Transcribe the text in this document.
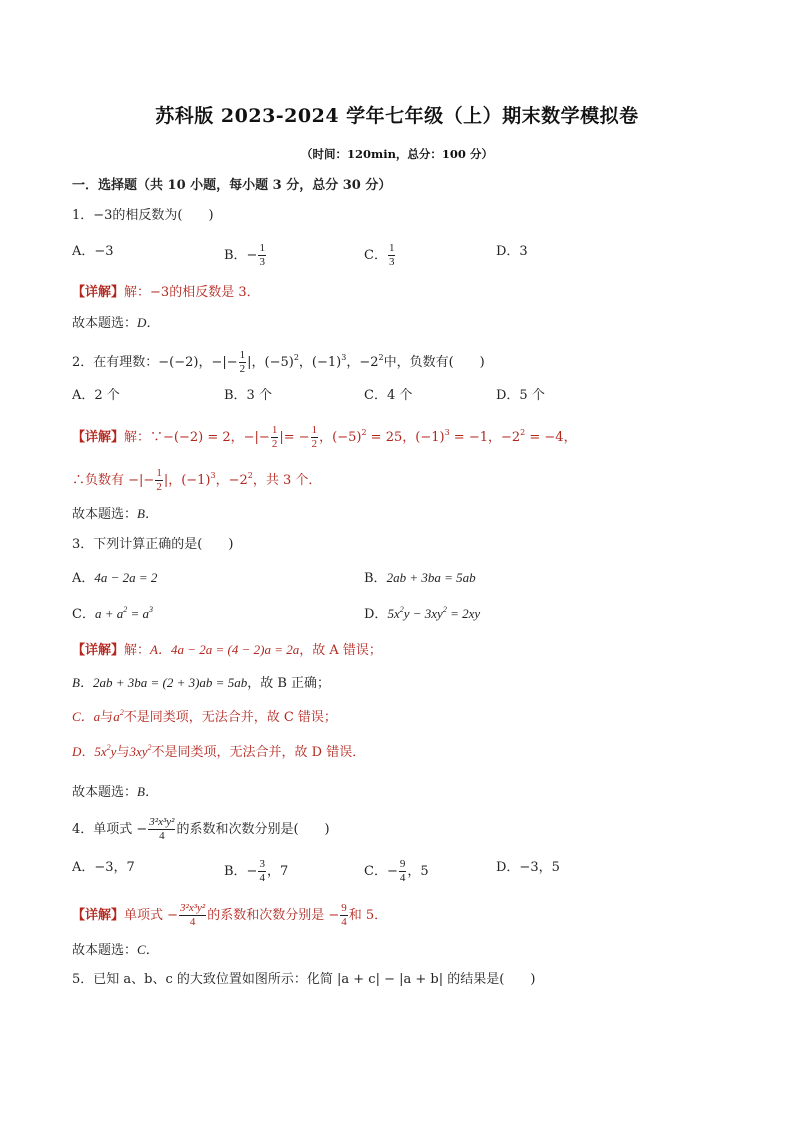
苏科版 2023-2024 学年七年级（上）期末数学模拟卷
（时间：120min，总分：100 分）
一．选择题（共 10 小题，每小题 3 分，总分 30 分）
1．−3的相反数为(　　)
A．−3	B．− $\frac{1}{3}$	C． $\frac{1}{3}$	D．3
【详解】解：−3的相反数是 3．
故本题选：D．
2．在有理数：−(−2)，−|− $\frac{1}{2}$ |，$(-5)^2$，$(-1)^3$，$-2^2$中，负数有(　　)
A．2 个	B．3 个	C．4 个	D．5 个
【详解】解：∵−(−2) = 2，−|− $\frac{1}{2}$ |= − $\frac{1}{2}$ ，$(-5)^2 = 25$，$(-1)^3 = -1$，$-2^2 = -4$，
∴负数有 −|− $\frac{1}{2}$ |，$(-1)^3$，$-2^2$，共 3 个．
故本题选：B．
3．下列计算正确的是(　　)
A．4a − 2a = 2	B．2ab + 3ba = 5ab
C．$a + a^2 = a^3$	D．$5x^2y - 3xy^2 = 2xy$
【详解】解：A．4a − 2a = (4 − 2)a = 2a，故 A 错误；
B．2ab + 3ba = (2 + 3)ab = 5ab，故 B 正确；
C．a与$a^2$不是同类项，无法合并，故 C 错误；
D．$5x^2y$与$3xy^2$不是同类项，无法合并，故 D 错误．
故本题选：B．
4．单项式 − $\frac{\text{3²x³y²}}{4}$ 的系数和次数分别是(　　)
A．−3，7	B．− $\frac{3}{4}$ ，7	C．− $\frac{9}{4}$ ，5	D．−3，5
【详解】单项式 − $\frac{\text{3²x³y²}}{4}$ 的系数和次数分别是 − $\frac{9}{4}$ 和 5．
故本题选：C．
5．已知 a、b、c 的大致位置如图所示：化简 |a + c| − |a + b| 的结果是(　　)
